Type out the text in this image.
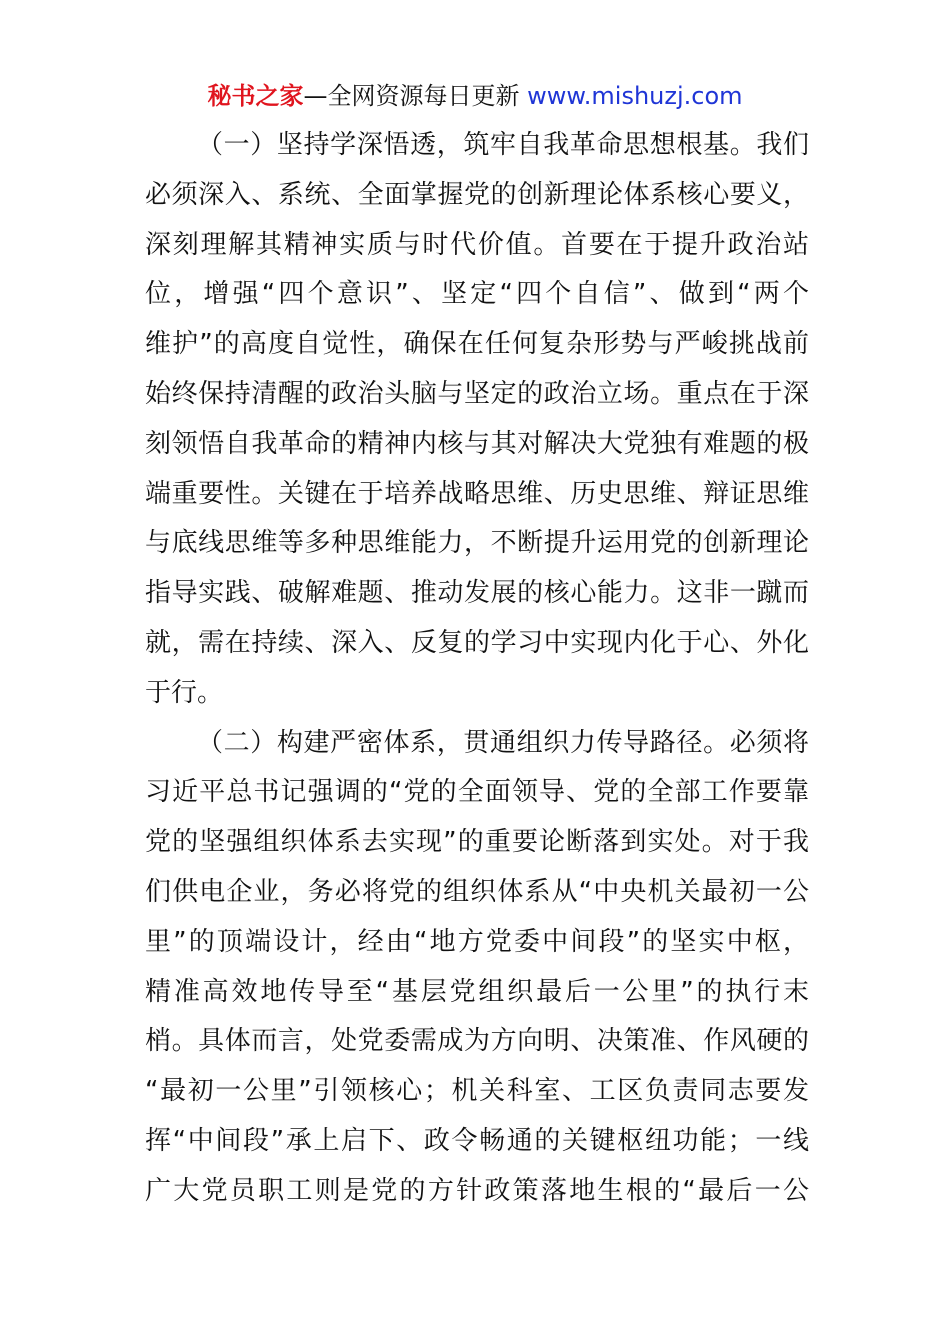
秘书之家—全网资源每日更新 www.mishuzj.com
（一）坚持学深悟透，筑牢自我革命思想根基。我们
必须深入、系统、全面掌握党的创新理论体系核心要义，
深刻理解其精神实质与时代价值。首要在于提升政治站
位，增强“四个意识”、坚定“四个自信”、做到“两个
维护”的高度自觉性，确保在任何复杂形势与严峻挑战前
始终保持清醒的政治头脑与坚定的政治立场。重点在于深
刻领悟自我革命的精神内核与其对解决大党独有难题的极
端重要性。关键在于培养战略思维、历史思维、辩证思维
与底线思维等多种思维能力，不断提升运用党的创新理论
指导实践、破解难题、推动发展的核心能力。这非一蹴而
就，需在持续、深入、反复的学习中实现内化于心、外化
于行。
（二）构建严密体系，贯通组织力传导路径。必须将
习近平总书记强调的“党的全面领导、党的全部工作要靠
党的坚强组织体系去实现”的重要论断落到实处。对于我
们供电企业，务必将党的组织体系从“中央机关最初一公
里”的顶端设计，经由“地方党委中间段”的坚实中枢，
精准高效地传导至“基层党组织最后一公里”的执行末
梢。具体而言，处党委需成为方向明、决策准、作风硬的
“最初一公里”引领核心；机关科室、工区负责同志要发
挥“中间段”承上启下、政令畅通的关键枢纽功能；一线
广大党员职工则是党的方针政策落地生根的“最后一公
